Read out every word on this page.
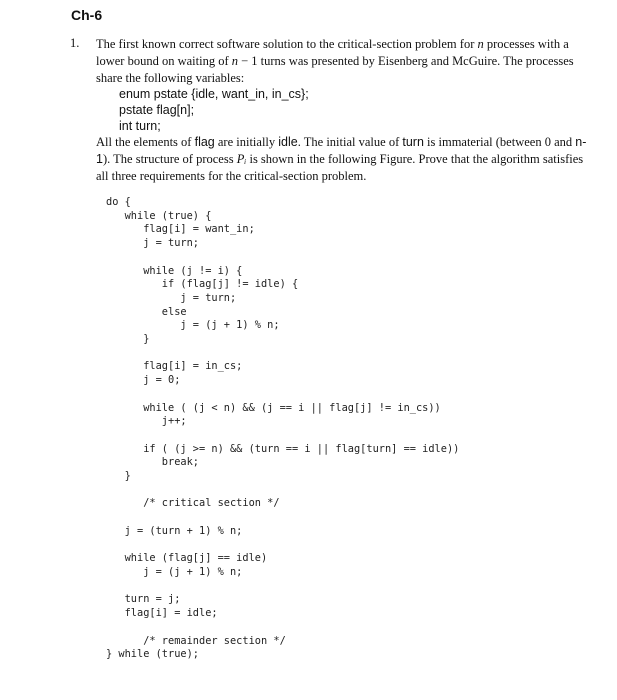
Ch-6
1. The first known correct software solution to the critical-section problem for n processes with a lower bound on waiting of n − 1 turns was presented by Eisenberg and McGuire. The processes share the following variables:
enum pstate {idle, want_in, in_cs};
pstate flag[n];
int turn;
All the elements of flag are initially idle. The initial value of turn is immaterial (between 0 and n-1). The structure of process Pᵢ is shown in the following Figure. Prove that the algorithm satisfies all three requirements for the critical-section problem.
do {
while (true) {
flag[i] = want_in;
j = turn;

while (j != i) {
if (flag[j] != idle) {
j = turn;
else
j = (j + 1) % n;
}

flag[i] = in_cs;
j = 0;

while ( (j < n) && (j == i || flag[j] != in_cs))
j++;

if ( (j >= n) && (turn == i || flag[turn] == idle))
break;
}

/* critical section */

j = (turn + 1) % n;

while (flag[j] == idle)
j = (j + 1) % n;

turn = j;
flag[i] = idle;

/* remainder section */
} while (true);
